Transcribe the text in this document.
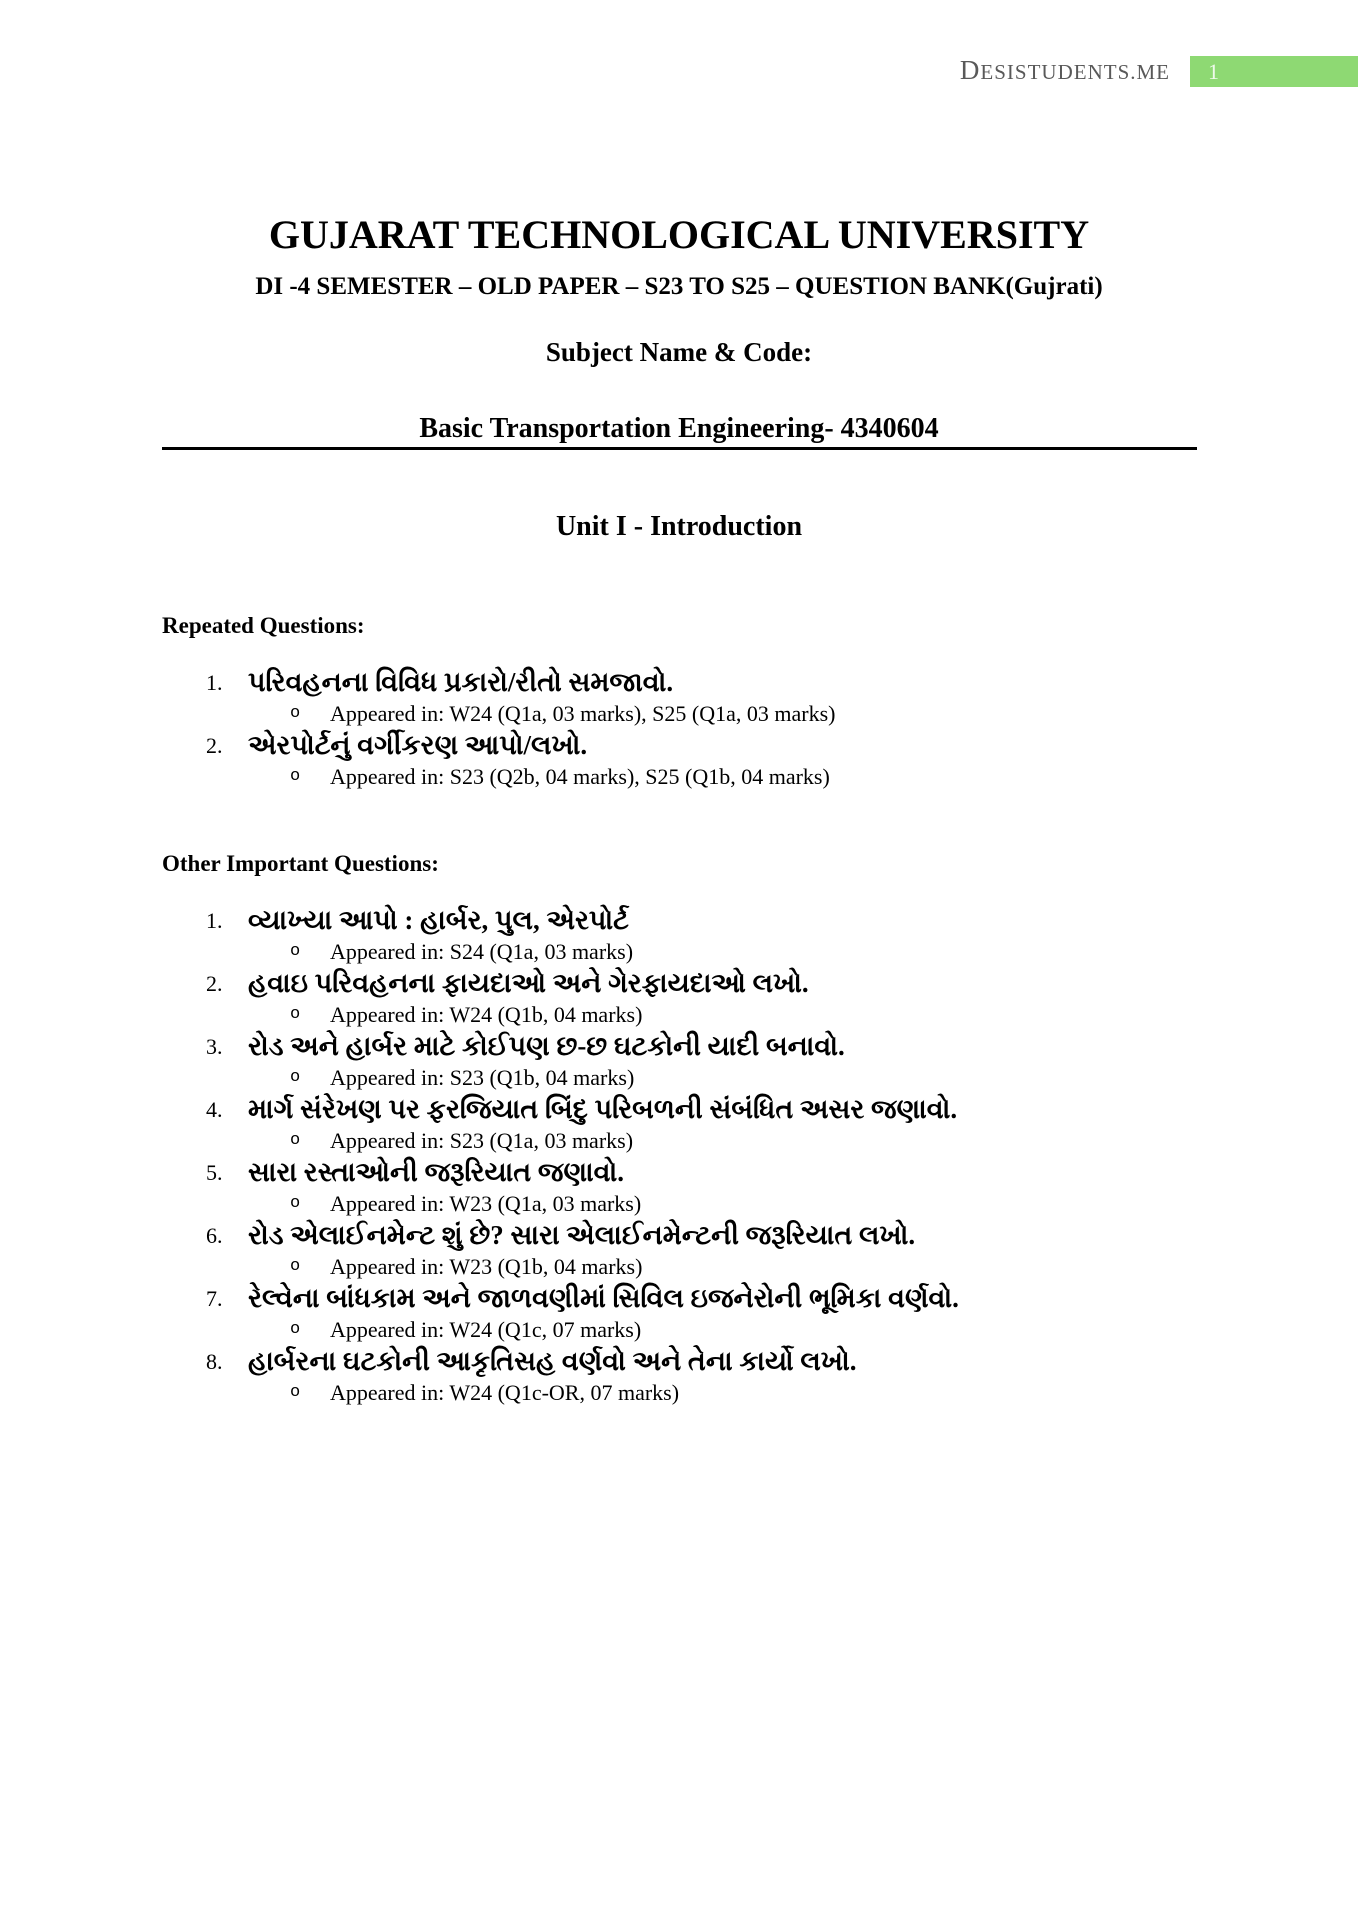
DESISTUDENTS.ME 1
GUJARAT TECHNOLOGICAL UNIVERSITY
DI -4 SEMESTER – OLD PAPER – S23 TO S25 – QUESTION BANK(Gujrati)
Subject Name & Code:
Basic Transportation Engineering- 4340604
Unit I - Introduction
Repeated Questions:
1. પરિવહનના વિવિધ પ્રકારો/રીતો સમજાવો.
o	Appeared in: W24 (Q1a, 03 marks), S25 (Q1a, 03 marks)
2. એરપોર્ટનું વર્ગીકરણ આપો/લખો.
o	Appeared in: S23 (Q2b, 04 marks), S25 (Q1b, 04 marks)
Other Important Questions:
1. વ્યાખ્યા આપો : હાર્બર, પુલ, એરપોર્ટ
o	Appeared in: S24 (Q1a, 03 marks)
2. હવાઇ પરિવહનના ફાયદાઓ અને ગેરફાયદાઓ લખો.
o	Appeared in: W24 (Q1b, 04 marks)
3. રોડ અને હાર્બર માટે કોઈપણ છ-છ ઘટકોની યાદી બનાવો.
o	Appeared in: S23 (Q1b, 04 marks)
4. માર્ગ સંરેખણ પર ફરજિયાત બિંદુ પરિબળની સંબંધિત અસર જણાવો.
o	Appeared in: S23 (Q1a, 03 marks)
5. સારા રસ્તાઓની જરૂરિયાત જણાવો.
o	Appeared in: W23 (Q1a, 03 marks)
6. રોડ એલાઈનમેન્ટ શું છે? સારા એલાઈનમેન્ટની જરૂરિયાત લખો.
o	Appeared in: W23 (Q1b, 04 marks)
7. રેલ્વેના બાંધકામ અને જાળવણીમાં સિવિલ ઇજનેરોની ભૂમિકા વર્ણવો.
o	Appeared in: W24 (Q1c, 07 marks)
8. હાર્બરના ઘટકોની આકૃતિસહ વર્ણવો અને તેના કાર્યો લખો.
o	Appeared in: W24 (Q1c-OR, 07 marks)
